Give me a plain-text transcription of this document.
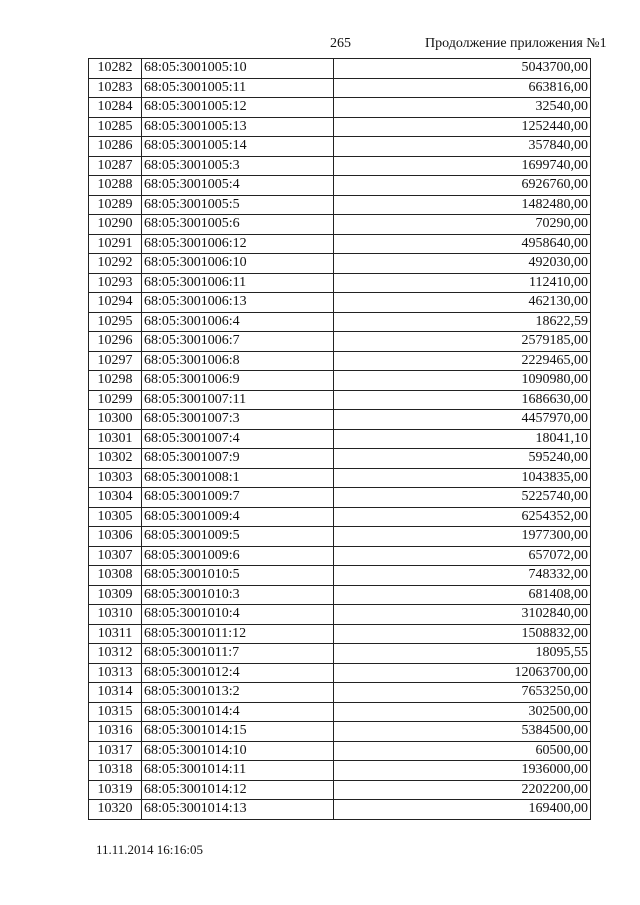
265	Продолжение приложения №1
10282	68:05:3001005:10	5043700,00
10283	68:05:3001005:11	663816,00
10284	68:05:3001005:12	32540,00
10285	68:05:3001005:13	1252440,00
10286	68:05:3001005:14	357840,00
10287	68:05:3001005:3	1699740,00
10288	68:05:3001005:4	6926760,00
10289	68:05:3001005:5	1482480,00
10290	68:05:3001005:6	70290,00
10291	68:05:3001006:12	4958640,00
10292	68:05:3001006:10	492030,00
10293	68:05:3001006:11	112410,00
10294	68:05:3001006:13	462130,00
10295	68:05:3001006:4	18622,59
10296	68:05:3001006:7	2579185,00
10297	68:05:3001006:8	2229465,00
10298	68:05:3001006:9	1090980,00
10299	68:05:3001007:11	1686630,00
10300	68:05:3001007:3	4457970,00
10301	68:05:3001007:4	18041,10
10302	68:05:3001007:9	595240,00
10303	68:05:3001008:1	1043835,00
10304	68:05:3001009:7	5225740,00
10305	68:05:3001009:4	6254352,00
10306	68:05:3001009:5	1977300,00
10307	68:05:3001009:6	657072,00
10308	68:05:3001010:5	748332,00
10309	68:05:3001010:3	681408,00
10310	68:05:3001010:4	3102840,00
10311	68:05:3001011:12	1508832,00
10312	68:05:3001011:7	18095,55
10313	68:05:3001012:4	12063700,00
10314	68:05:3001013:2	7653250,00
10315	68:05:3001014:4	302500,00
10316	68:05:3001014:15	5384500,00
10317	68:05:3001014:10	60500,00
10318	68:05:3001014:11	1936000,00
10319	68:05:3001014:12	2202200,00
10320	68:05:3001014:13	169400,00
11.11.2014 16:16:05
